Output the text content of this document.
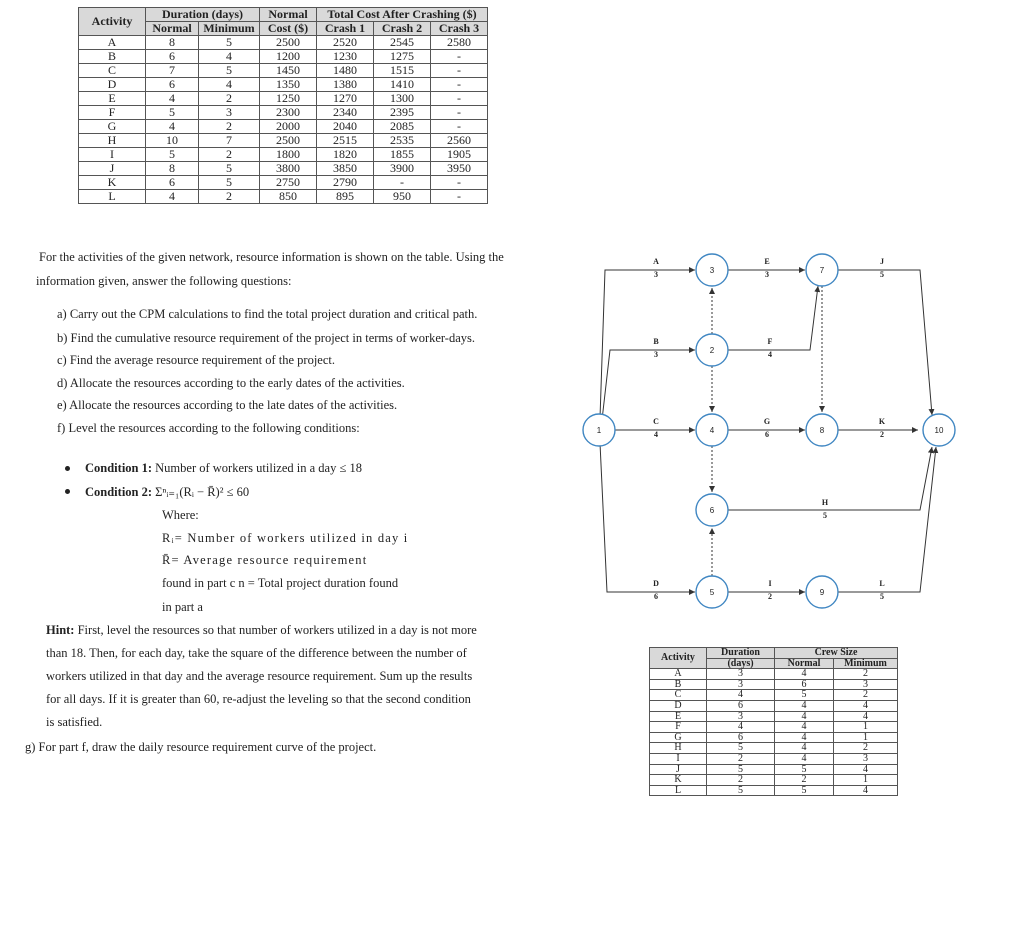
Activity	Duration (days)		Normal	Total Cost After Crashing ($)		
	Normal	Minimum	Cost ($)	Crash 1	Crash 2	Crash 3
A	8	5	2500	2520	2545	2580
B	6	4	1200	1230	1275	-
C	7	5	1450	1480	1515	-
D	6	4	1350	1380	1410	-
E	4	2	1250	1270	1300	-
F	5	3	2300	2340	2395	-
G	4	2	2000	2040	2085	-
H	10	7	2500	2515	2535	2560
I	5	2	1800	1820	1855	1905
J	8	5	3800	3850	3900	3950
K	6	5	2750	2790	-	-
L	4	2	850	895	950	-
For the activities of the given network, resource information is shown on the table. Using the
information given, answer the following questions:
a) Carry out the CPM calculations to find the total project duration and critical path.
b) Find the cumulative resource requirement of the project in terms of worker-days.
c) Find the average resource requirement of the project.
d) Allocate the resources according to the early dates of the activities.
e) Allocate the resources according to the late dates of the activities.
f) Level the resources according to the following conditions:
Condition 1: Number of workers utilized in a day ≤ 18
Condition 2: Σⁿᵢ₌₁(Rᵢ − R̄)² ≤ 60
Where:
Rᵢ= Number of workers utilized in day i
R̄= Average resource requirement
found in part c n = Total project duration found
in part a
Hint: First, level the resources so that number of workers utilized in a day is not more
than 18. Then, for each day, take the square of the difference between the number of
workers utilized in that day and the average resource requirement. Sum up the results
for all days. If it is greater than 60, re-adjust the leveling so that the second condition
is satisfied.
g) For part f, draw the daily resource requirement curve of the project.
A
3
B
3
C
4
D
6
E
3
F
4
G
6
H
5
I
2
J
5
K
2
L
5
1
2
3
4
5
6
7
8
9
10
Activity	Duration	Crew Size	
	(days)	Normal	Minimum
A	3	4	2
B	3	6	3
C	4	5	2
D	6	4	4
E	3	4	4
F	4	4	1
G	6	4	1
H	5	4	2
I	2	4	3
J	5	5	4
K	2	2	1
L	5	5	4
